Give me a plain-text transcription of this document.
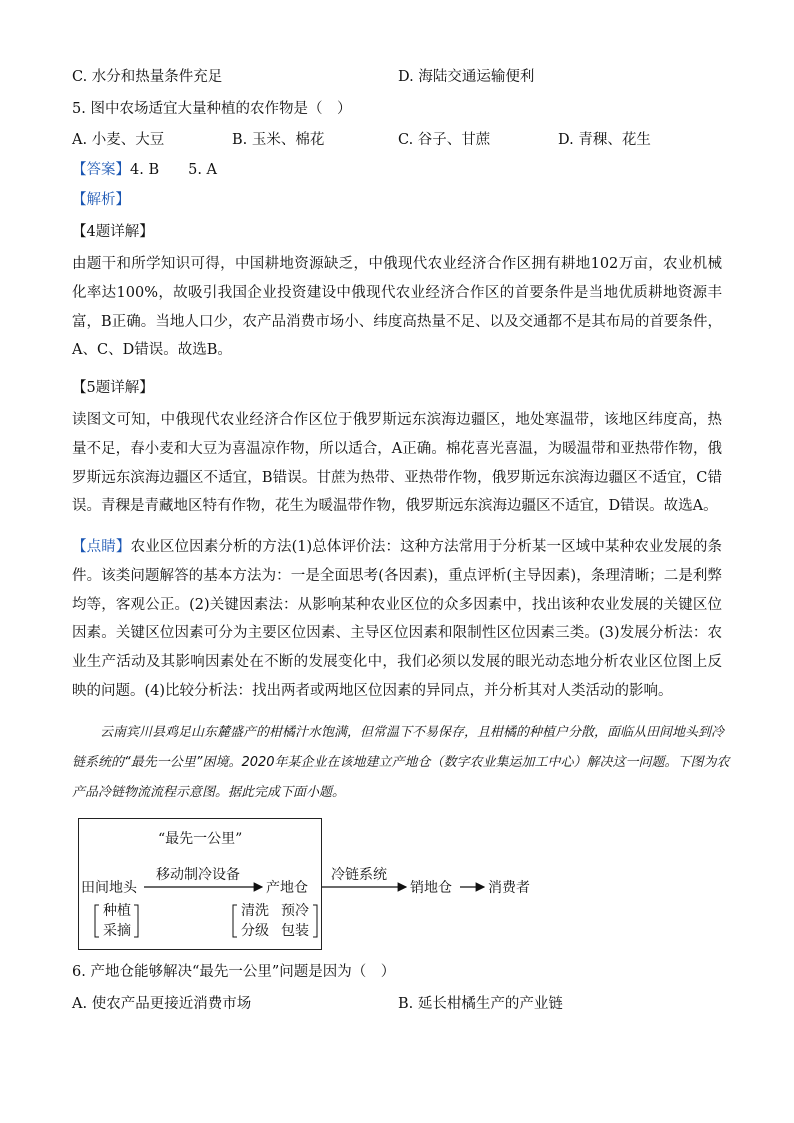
C. 水分和热量条件充足	D. 海陆交通运输便利
5. 图中农场适宜大量种植的农作物是（　）
A. 小麦、大豆	B. 玉米、棉花	C. 谷子、甘蔗	D. 青稞、花生
【答案】4. B　　5. A
【解析】
【4题详解】
由题干和所学知识可得，中国耕地资源缺乏，中俄现代农业经济合作区拥有耕地102万亩，农业机械化率达100%，故吸引我国企业投资建设中俄现代农业经济合作区的首要条件是当地优质耕地资源丰富，B正确。当地人口少，农产品消费市场小、纬度高热量不足、以及交通都不是其布局的首要条件，A、C、D错误。故选B。
【5题详解】
读图文可知，中俄现代农业经济合作区位于俄罗斯远东滨海边疆区，地处寒温带，该地区纬度高，热量不足，春小麦和大豆为喜温凉作物，所以适合，A正确。棉花喜光喜温，为暖温带和亚热带作物，俄罗斯远东滨海边疆区不适宜，B错误。甘蔗为热带、亚热带作物，俄罗斯远东滨海边疆区不适宜，C错误。青稞是青藏地区特有作物，花生为暖温带作物，俄罗斯远东滨海边疆区不适宜，D错误。故选A。
【点睛】农业区位因素分析的方法(1)总体评价法：这种方法常用于分析某一区域中某种农业发展的条件。该类问题解答的基本方法为：一是全面思考(各因素)，重点评析(主导因素)，条理清晰；二是利弊均等，客观公正。(2)关键因素法：从影响某种农业区位的众多因素中，找出该种农业发展的关键区位因素。关键区位因素可分为主要区位因素、主导区位因素和限制性区位因素三类。(3)发展分析法：农业生产活动及其影响因素处在不断的发展变化中，我们必须以发展的眼光动态地分析农业区位图上反映的问题。(4)比较分析法：找出两者或两地区位因素的异同点，并分析其对人类活动的影响。
云南宾川县鸡足山东麓盛产的柑橘汁水饱满，但常温下不易保存，且柑橘的种植户分散，面临从田间地头到冷链系统的“最先一公里”困境。2020年某企业在该地建立产地仓（数字农业集运加工中心）解决这一问题。下图为农产品冷链物流流程示意图。据此完成下面小题。
“最先一公里”
移动制冷设备
田间地头	产地仓
种植
采摘
清洗 预冷
分级 包装
冷链系统
销地仓	消费者
6. 产地仓能够解决“最先一公里”问题是因为（　）
A. 使农产品更接近消费市场	B. 延长柑橘生产的产业链
